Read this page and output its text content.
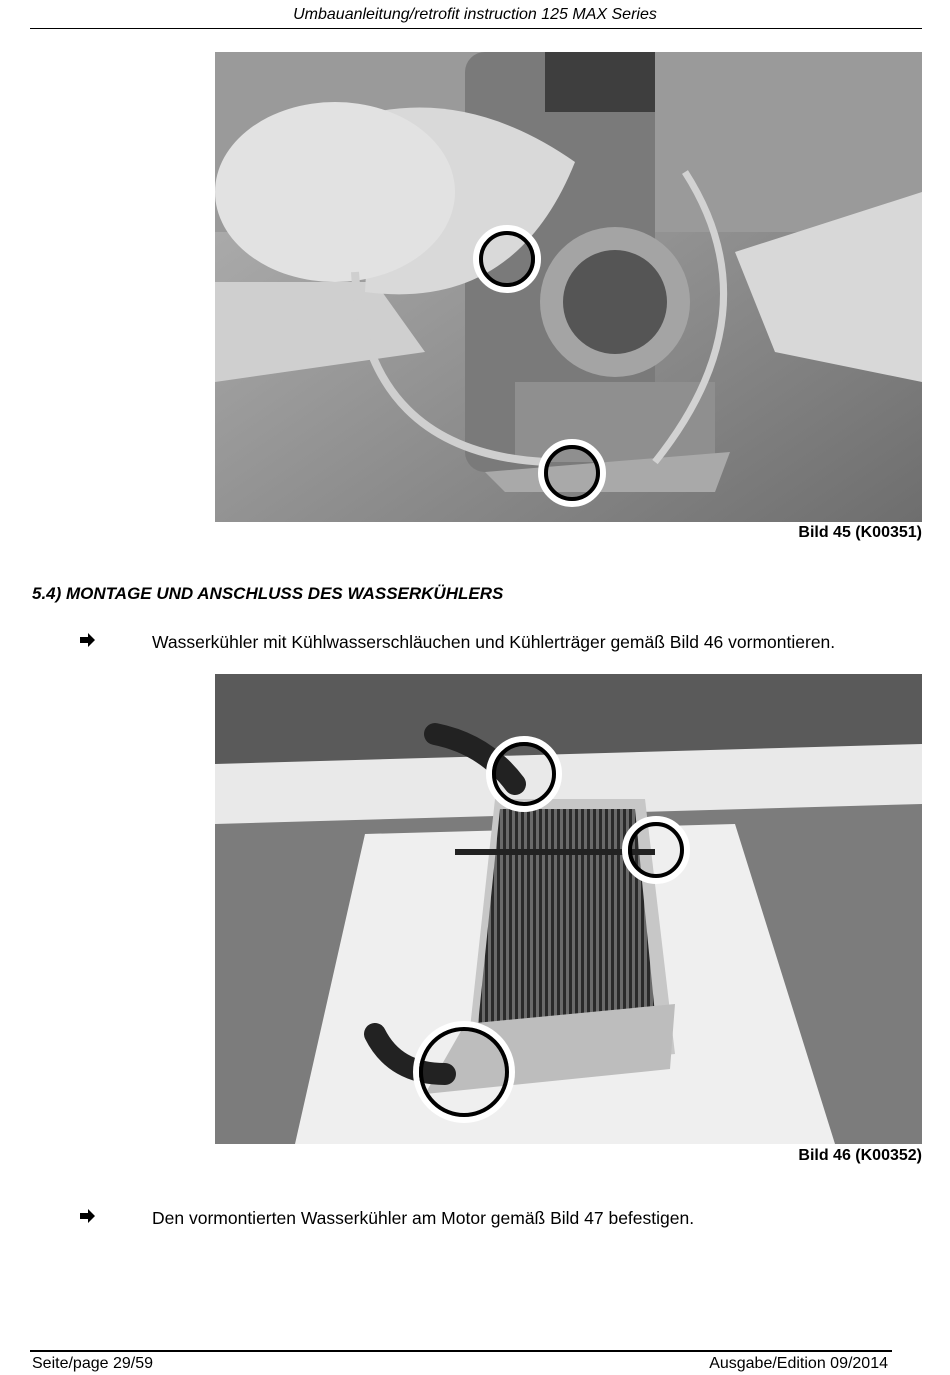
Umbauanleitung/retrofit instruction 125 MAX Series
Bild 45 (K00351)
5.4) MONTAGE UND ANSCHLUSS DES WASSERKÜHLERS
Wasserkühler mit Kühlwasserschläuchen und Kühlerträger gemäß Bild 46 vormontieren.
Bild 46 (K00352)
Den vormontierten Wasserkühler am Motor gemäß Bild 47 befestigen.
Seite/page 29/59	Ausgabe/Edition 09/2014
